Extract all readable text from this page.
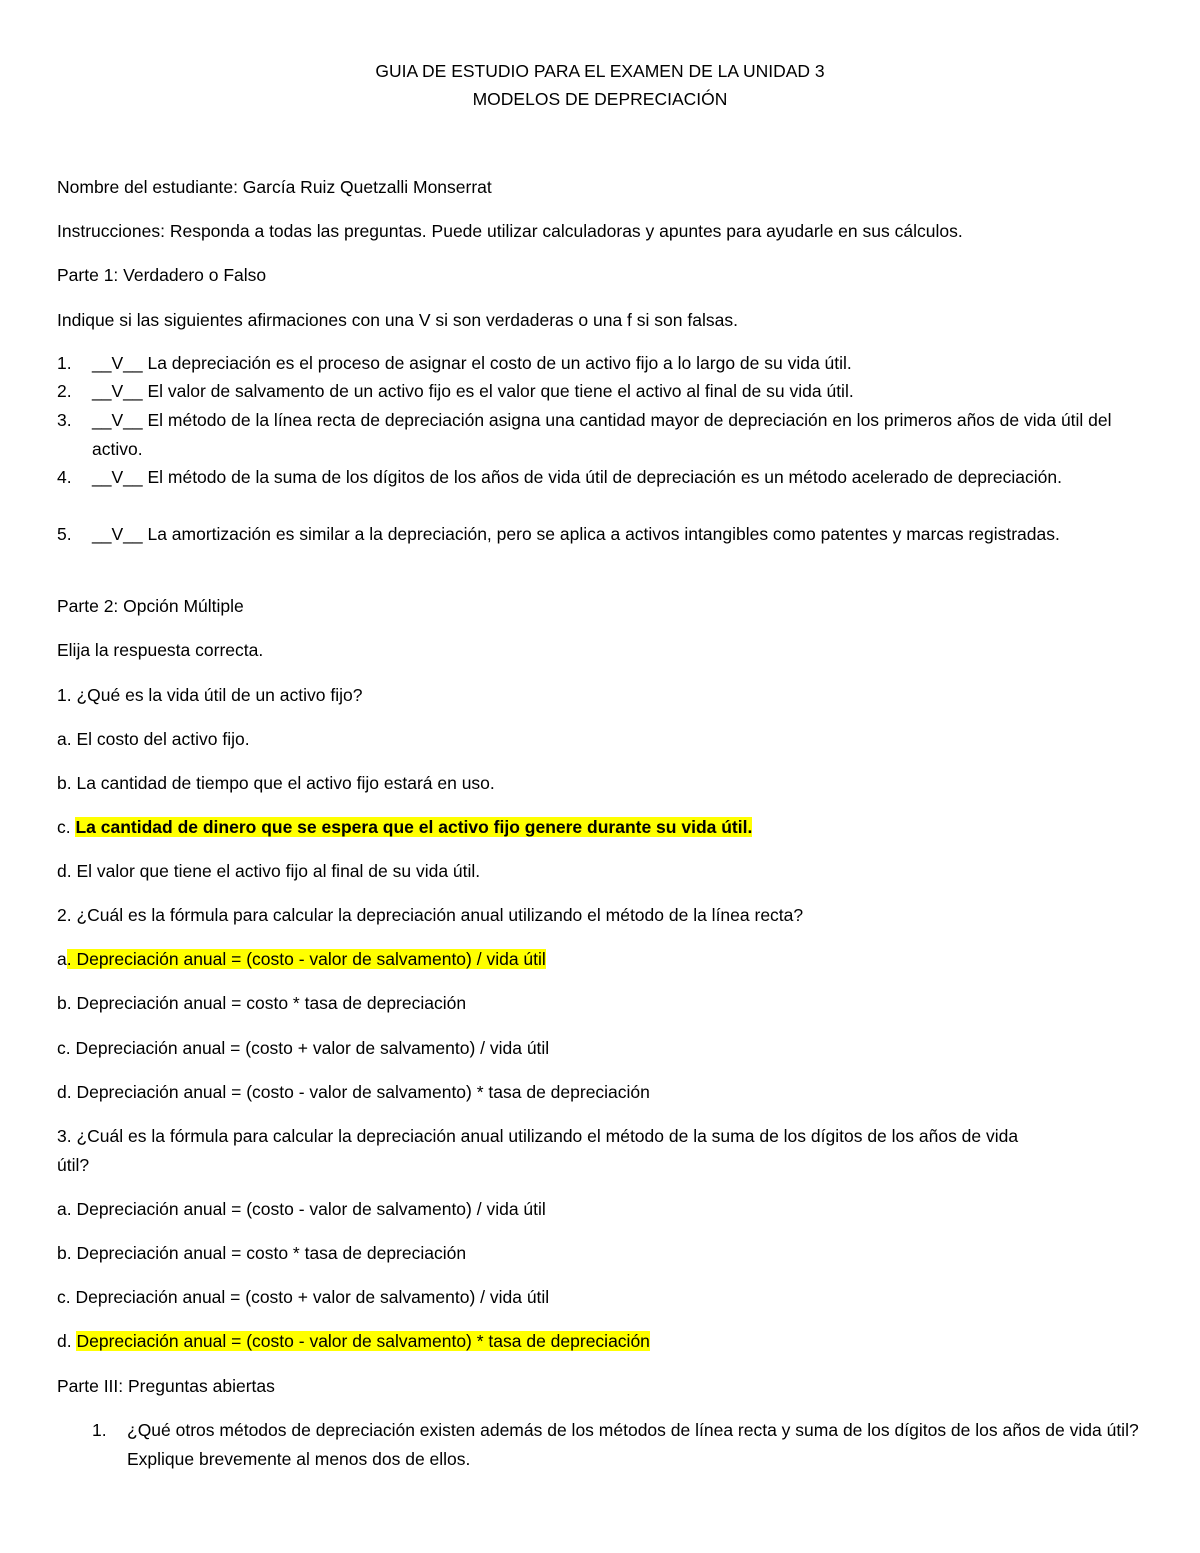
GUIA DE ESTUDIO PARA EL EXAMEN DE LA UNIDAD 3
MODELOS DE DEPRECIACIÓN
Nombre del estudiante: García Ruiz Quetzalli Monserrat
Instrucciones: Responda a todas las preguntas. Puede utilizar calculadoras y apuntes para ayudarle en sus cálculos.
Parte 1: Verdadero o Falso
Indique si las siguientes afirmaciones con una V si son verdaderas o una f si son falsas.
1. __V__ La depreciación es el proceso de asignar el costo de un activo fijo a lo largo de su vida útil.
2. __V__ El valor de salvamento de un activo fijo es el valor que tiene el activo al final de su vida útil.
3. __V__ El método de la línea recta de depreciación asigna una cantidad mayor de depreciación en los primeros años de vida útil del activo.
4. __V__ El método de la suma de los dígitos de los años de vida útil de depreciación es un método acelerado de depreciación.
5. __V__ La amortización es similar a la depreciación, pero se aplica a activos intangibles como patentes y marcas registradas.
Parte 2: Opción Múltiple
Elija la respuesta correcta.
1. ¿Qué es la vida útil de un activo fijo?
a. El costo del activo fijo.
b. La cantidad de tiempo que el activo fijo estará en uso.
c. La cantidad de dinero que se espera que el activo fijo genere durante su vida útil.
d. El valor que tiene el activo fijo al final de su vida útil.
2. ¿Cuál es la fórmula para calcular la depreciación anual utilizando el método de la línea recta?
a. Depreciación anual = (costo - valor de salvamento) / vida útil
b. Depreciación anual = costo * tasa de depreciación
c. Depreciación anual = (costo + valor de salvamento) / vida útil
d. Depreciación anual = (costo - valor de salvamento) * tasa de depreciación
3. ¿Cuál es la fórmula para calcular la depreciación anual utilizando el método de la suma de los dígitos de los años de vida
útil?
a. Depreciación anual = (costo - valor de salvamento) / vida útil
b. Depreciación anual = costo * tasa de depreciación
c. Depreciación anual = (costo + valor de salvamento) / vida útil
d. Depreciación anual = (costo - valor de salvamento) * tasa de depreciación
Parte III: Preguntas abiertas
1. ¿Qué otros métodos de depreciación existen además de los métodos de línea recta y suma de los dígitos de los años de vida útil? Explique brevemente al menos dos de ellos.
